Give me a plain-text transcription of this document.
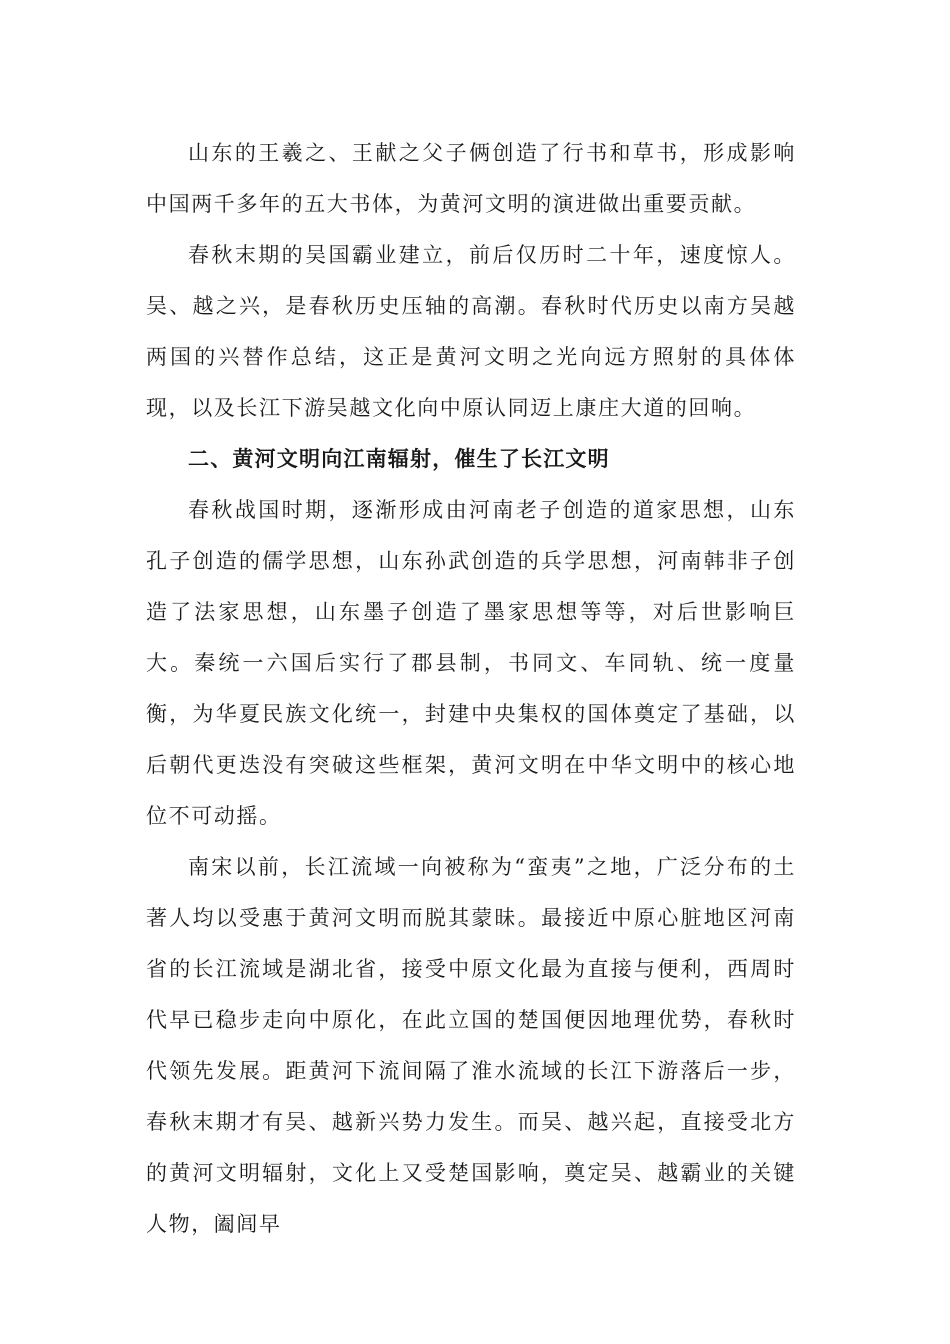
山东的王羲之、王献之父子俩创造了行书和草书，形成影响中国两千多年的五大书体，为黄河文明的演进做出重要贡献。

春秋末期的吴国霸业建立，前后仅历时二十年，速度惊人。吴、越之兴，是春秋历史压轴的高潮。春秋时代历史以南方吴越两国的兴替作总结，这正是黄河文明之光向远方照射的具体体现，以及长江下游吴越文化向中原认同迈上康庄大道的回响。

二、黄河文明向江南辐射，催生了长江文明

春秋战国时期，逐渐形成由河南老子创造的道家思想，山东孔子创造的儒学思想，山东孙武创造的兵学思想，河南韩非子创造了法家思想，山东墨子创造了墨家思想等等，对后世影响巨大。秦统一六国后实行了郡县制，书同文、车同轨、统一度量衡，为华夏民族文化统一，封建中央集权的国体奠定了基础，以后朝代更迭没有突破这些框架，黄河文明在中华文明中的核心地位不可动摇。

南宋以前，长江流域一向被称为“蛮夷”之地，广泛分布的土著人均以受惠于黄河文明而脱其蒙昧。最接近中原心脏地区河南省的长江流域是湖北省，接受中原文化最为直接与便利，西周时代早已稳步走向中原化，在此立国的楚国便因地理优势，春秋时代领先发展。距黄河下流间隔了淮水流域的长江下游落后一步，春秋末期才有吴、越新兴势力发生。而吴、越兴起，直接受北方的黄河文明辐射，文化上又受楚国影响，奠定吴、越霸业的关键人物，阖闾早
